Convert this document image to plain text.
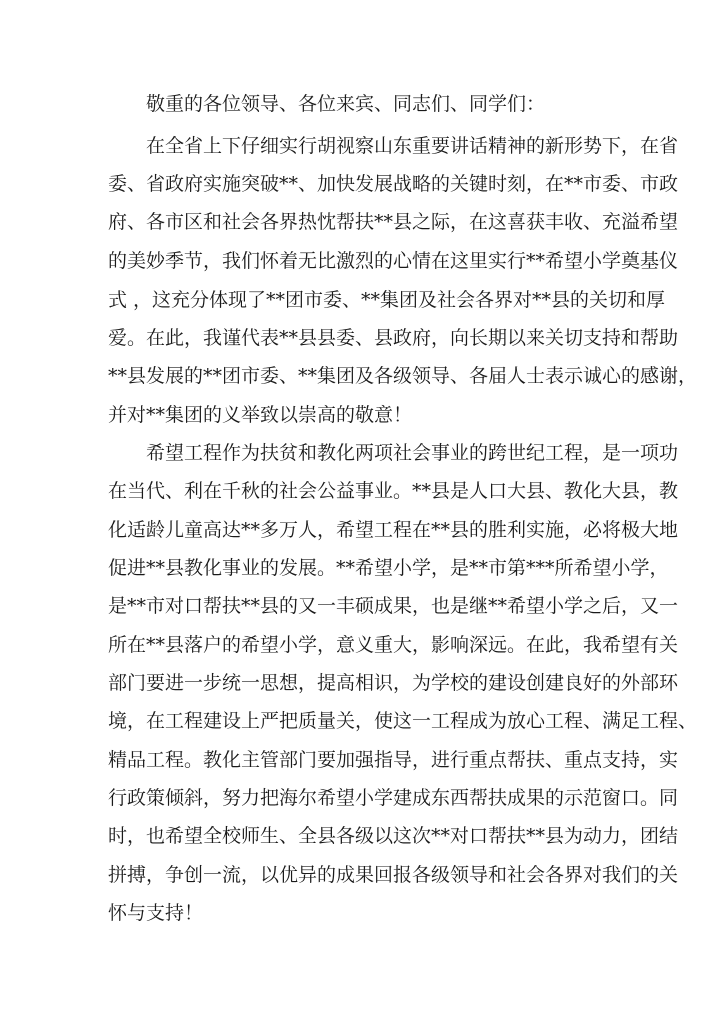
敬重的各位领导、各位来宾、同志们、同学们：

在全省上下仔细实行胡视察山东重要讲话精神的新形势下，在省

委、省政府实施突破**、加快发展战略的关键时刻，在**市委、市政

府、各市区和社会各界热忱帮扶**县之际，在这喜获丰收、充溢希望

的美妙季节，我们怀着无比激烈的心情在这里实行**希望小学奠基仪

式 ，这充分体现了**团市委、**集团及社会各界对**县的关切和厚

爱。在此，我谨代表**县县委、县政府，向长期以来关切支持和帮助

**县发展的**团市委、**集团及各级领导、各届人士表示诚心的感谢，

并对**集团的义举致以崇高的敬意！

希望工程作为扶贫和教化两项社会事业的跨世纪工程，是一项功

在当代、利在千秋的社会公益事业。**县是人口大县、教化大县，教

化适龄儿童高达**多万人，希望工程在**县的胜利实施，必将极大地

促进**县教化事业的发展。**希望小学，是**市第***所希望小学，

是**市对口帮扶**县的又一丰硕成果，也是继**希望小学之后，又一

所在**县落户的希望小学，意义重大，影响深远。在此，我希望有关

部门要进一步统一思想，提高相识，为学校的建设创建良好的外部环

境，在工程建设上严把质量关，使这一工程成为放心工程、满足工程、

精品工程。教化主管部门要加强指导，进行重点帮扶、重点支持，实

行政策倾斜，努力把海尔希望小学建成东西帮扶成果的示范窗口。同

时，也希望全校师生、全县各级以这次**对口帮扶**县为动力，团结

拼搏，争创一流，以优异的成果回报各级领导和社会各界对我们的关

怀与支持！
